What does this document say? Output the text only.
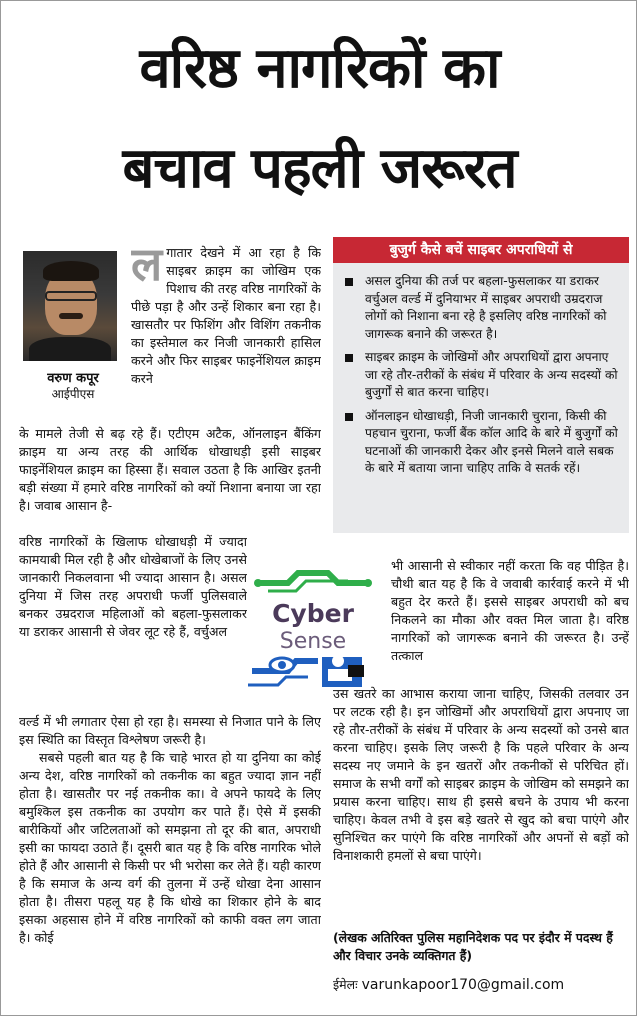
वरिष्ठ नागरिकों का
बचाव पहली जरूरत
वरुण कपूर
आईपीएस
लगातार देखने में आ रहा है कि साइबर क्राइम का जोखिम एक पिशाच की तरह वरिष्ठ नागरिकों के पीछे पड़ा है और उन्हें शिकार बना रहा है। खासतौर पर फिशिंग और विशिंग तकनीक का इस्तेमाल कर निजी जानकारी हासिल करने और फिर साइबर फाइनेंशियल क्राइम करने
के मामले तेजी से बढ़ रहे हैं। एटीएम अटैक, ऑनलाइन बैंकिंग क्राइम या अन्य तरह की आर्थिक धोखाधड़ी इसी साइबर फाइनेंशियल क्राइम का हिस्सा हैं। सवाल उठता है कि आखिर इतनी बड़ी संख्या में हमारे वरिष्ठ नागरिकों को क्यों निशाना बनाया जा रहा है। जवाब आसान है-
वरिष्ठ नागरिकों के खिलाफ धोखाधड़ी में ज्यादा कामयाबी मिल रही है और धोखेबाजों के लिए उनसे जानकारी निकलवाना भी ज्यादा आसान है। असल दुनिया में जिस तरह अपराधी फर्जी पुलिसवाले बनकर उम्रदराज महिलाओं को बहला-फुसलाकर या डराकर आसानी से जेवर लूट रहे हैं, वर्चुअल
वर्ल्ड में भी लगातार ऐसा हो रहा है। समस्या से निजात पाने के लिए इस स्थिति का विस्तृत विश्लेषण जरूरी है।
सबसे पहली बात यह है कि चाहे भारत हो या दुनिया का कोई अन्य देश, वरिष्ठ नागरिकों को तकनीक का बहुत ज्यादा ज्ञान नहीं होता है। खासतौर पर नई तकनीक का। वे अपने फायदे के लिए बमुश्किल इस तकनीक का उपयोग कर पाते हैं। ऐसे में इसकी बारीकियों और जटिलताओं को समझना तो दूर की बात, अपराधी इसी का फायदा उठाते हैं। दूसरी बात यह है कि वरिष्ठ नागरिक भोले होते हैं और आसानी से किसी पर भी भरोसा कर लेते हैं। यही कारण है कि समाज के अन्य वर्ग की तुलना में उन्हें धोखा देना आसान होता है। तीसरा पहलू यह है कि धोखे का शिकार होने के बाद इसका अहसास होने में वरिष्ठ नागरिकों को काफी वक्त लग जाता है। कोई
बुजुर्ग कैसे बचें साइबर अपराधियों से
असल दुनिया की तर्ज पर बहला-फुसलाकर या डराकर वर्चुअल वर्ल्ड में दुनियाभर में साइबर अपराधी उम्रदराज लोगों को निशाना बना रहे है इसलिए वरिष्ठ नागरिकों को जागरूक बनाने की जरूरत है।
साइबर क्राइम के जोखिमों और अपराधियों द्वारा अपनाए जा रहे तौर-तरीकों के संबंध में परिवार के अन्य सदस्यों को बुजुर्गों से बात करना चाहिए।
ऑनलाइन धोखाधड़ी, निजी जानकारी चुराना, किसी की पहचान चुराना, फर्जी बैंक कॉल आदि के बारे में बुजुर्गों को घटनाओं की जानकारी देकर और इनसे मिलने वाले सबक के बारे में बताया जाना चाहिए ताकि वे सतर्क रहें।
Cyber
Sense
भी आसानी से स्वीकार नहीं करता कि वह पीड़ित है। चौथी बात यह है कि वे जवाबी कार्रवाई करने में भी बहुत देर करते हैं। इससे साइबर अपराधी को बच निकलने का मौका और वक्त मिल जाता है। वरिष्ठ नागरिकों को जागरूक बनाने की जरूरत है। उन्हें तत्काल
उस खतरे का आभास कराया जाना चाहिए, जिसकी तलवार उन पर लटक रही है। इन जोखिमों और अपराधियों द्वारा अपनाए जा रहे तौर-तरीकों के संबंध में परिवार के अन्य सदस्यों को उनसे बात करना चाहिए। इसके लिए जरूरी है कि पहले परिवार के अन्य सदस्य नए जमाने के इन खतरों और तकनीकों से परिचित हों। समाज के सभी वर्गों को साइबर क्राइम के जोखिम को समझने का प्रयास करना चाहिए। साथ ही इससे बचने के उपाय भी करना चाहिए। केवल तभी वे इस बड़े खतरे से खुद को बचा पाएंगे और सुनिश्चित कर पाएंगे कि वरिष्ठ नागरिकों और अपनों से बड़ों को विनाशकारी हमलों से बचा पाएंगे।
(लेखक अतिरिक्त पुलिस महानिदेशक पद पर इंदौर में पदस्थ हैं और विचार उनके व्यक्तिगत हैं)
ईमेलः varunkapoor170@gmail.com
